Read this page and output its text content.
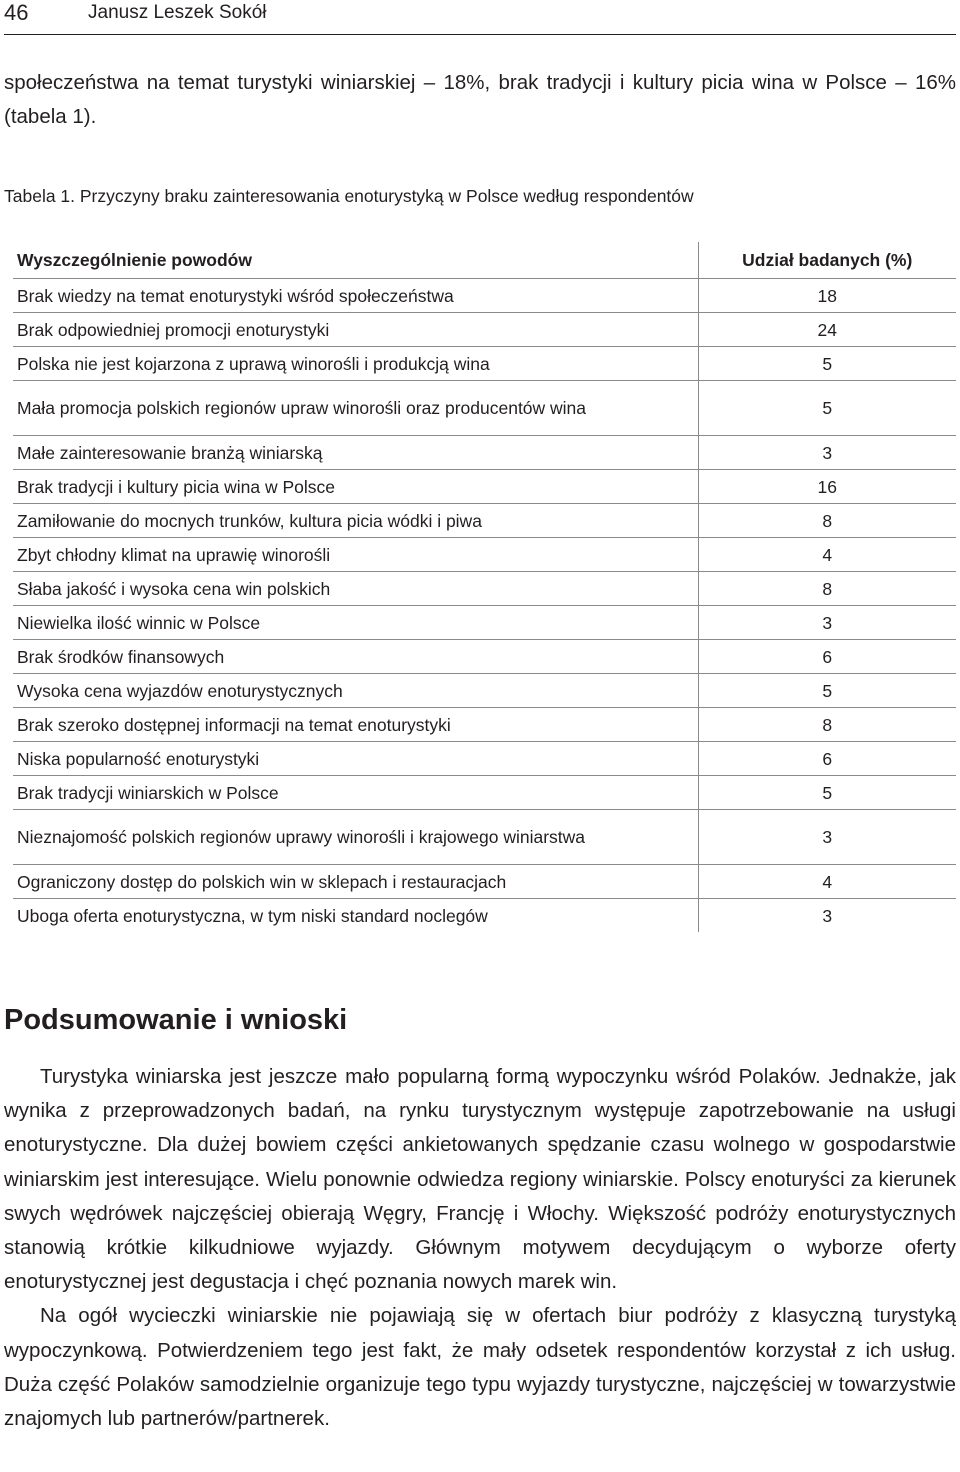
46	Janusz Leszek Sokół
społeczeństwa na temat turystyki winiarskiej – 18%, brak tradycji i kultury picia wina w Polsce – 16% (tabela 1).
Tabela 1. Przyczyny braku zainteresowania enoturystyką w Polsce według respondentów
Wyszczególnienie powodów	Udział badanych (%)
Brak wiedzy na temat enoturystyki wśród społeczeństwa	18
Brak odpowiedniej promocji enoturystyki	24
Polska nie jest kojarzona z uprawą winorośli i produkcją wina	5
Mała promocja polskich regionów upraw winorośli oraz producentów wina	5
Małe zainteresowanie branżą winiarską	3
Brak tradycji i kultury picia wina w Polsce	16
Zamiłowanie do mocnych trunków, kultura picia wódki i piwa	8
Zbyt chłodny klimat na uprawię winorośli	4
Słaba jakość i wysoka cena win polskich	8
Niewielka ilość winnic w Polsce	3
Brak środków finansowych	6
Wysoka cena wyjazdów enoturystycznych	5
Brak szeroko dostępnej informacji na temat enoturystyki	8
Niska popularność enoturystyki	6
Brak tradycji winiarskich w Polsce	5
Nieznajomość polskich regionów uprawy winorośli i krajowego winiarstwa	3
Ograniczony dostęp do polskich win w sklepach i restauracjach	4
Uboga oferta enoturystyczna, w tym niski standard noclegów	3
Podsumowanie i wnioski

Turystyka winiarska jest jeszcze mało popularną formą wypoczynku wśród Polaków. Jednakże, jak wynika z przeprowadzonych badań, na rynku turystycznym występuje zapotrzebowanie na usługi enoturystyczne. Dla dużej bowiem części ankietowanych spędzanie czasu wolnego w gospodarstwie winiarskim jest interesujące. Wielu ponownie odwiedza regiony winiarskie. Polscy enoturyści za kierunek swych wędrówek najczęściej obierają Węgry, Francję i Włochy. Większość podróży enoturystycznych stanowią krótkie kilkudniowe wyjazdy. Głównym motywem decydującym o wyborze oferty enoturystycznej jest degustacja i chęć poznania nowych marek win.

Na ogół wycieczki winiarskie nie pojawiają się w ofertach biur podróży z klasyczną turystyką wypoczynkową. Potwierdzeniem tego jest fakt, że mały odsetek respondentów korzystał z ich usług. Duża część Polaków samodzielnie organizuje tego typu wyjazdy turystyczne, najczęściej w towarzystwie znajomych lub partnerów/partnerek.
